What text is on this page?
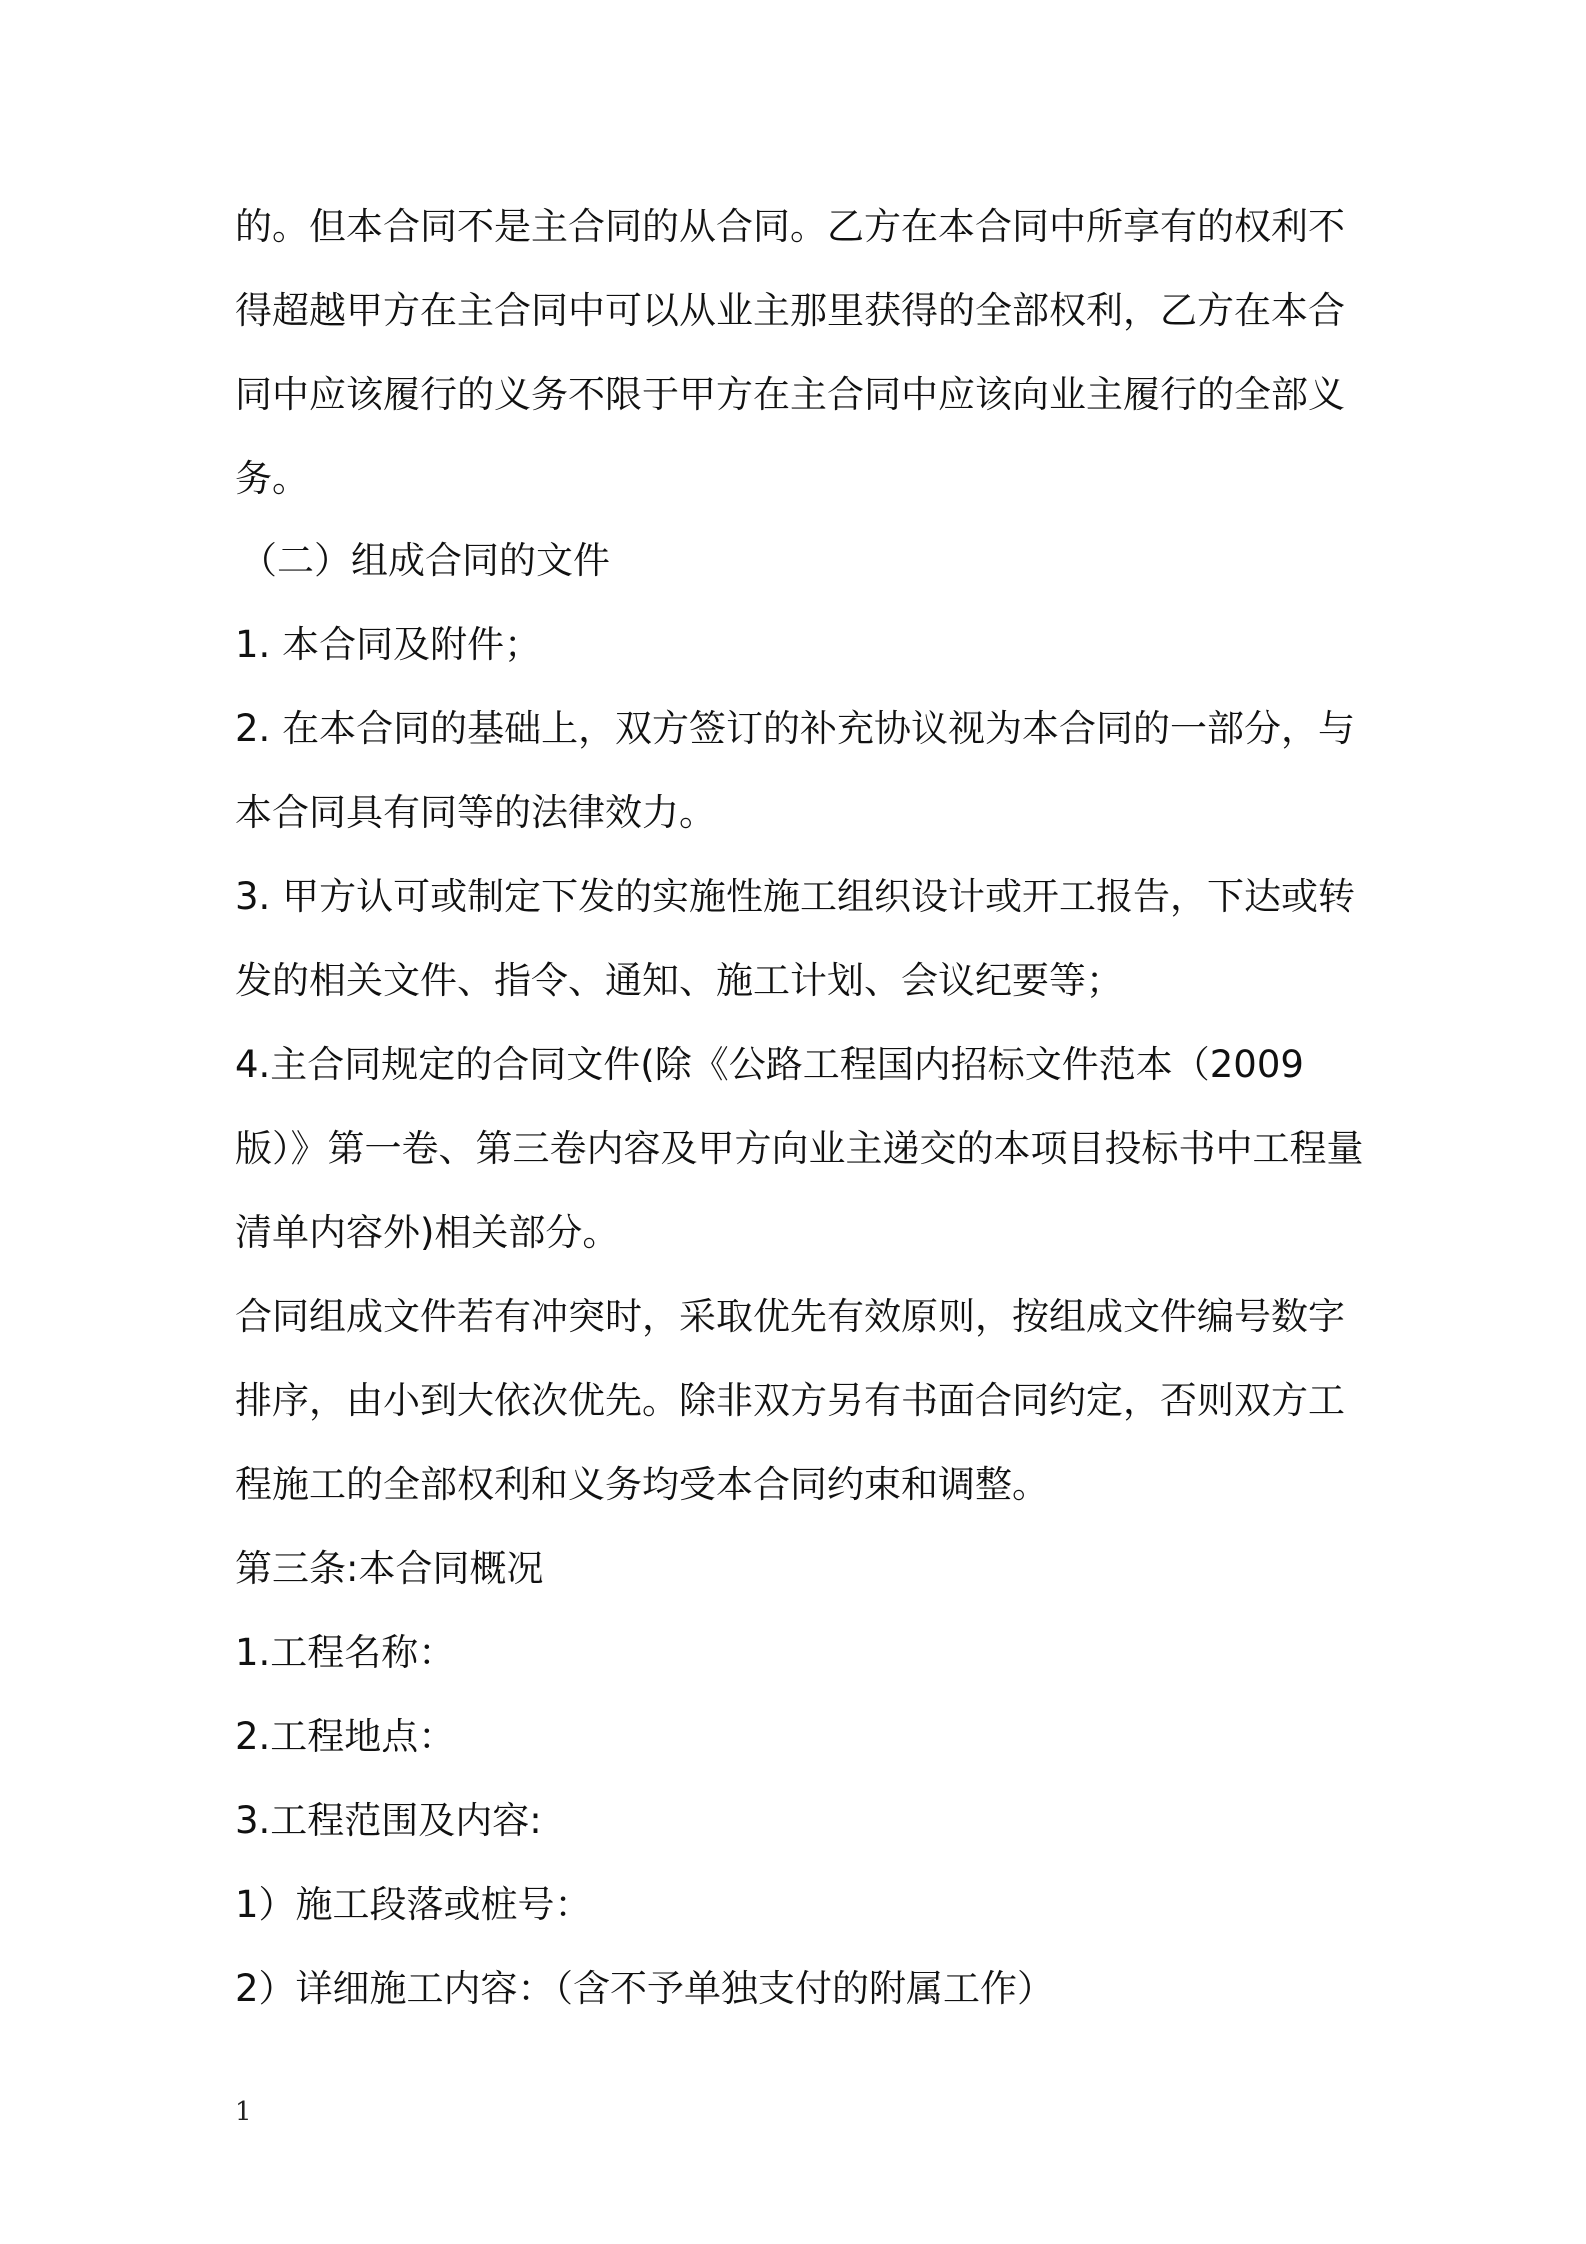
的。但本合同不是主合同的从合同。乙方在本合同中所享有的权利不得超越甲方在主合同中可以从业主那里获得的全部权利，乙方在本合同中应该履行的义务不限于甲方在主合同中应该向业主履行的全部义务。
（二）组成合同的文件
1. 本合同及附件；
2. 在本合同的基础上，双方签订的补充协议视为本合同的一部分，与本合同具有同等的法律效力。
3. 甲方认可或制定下发的实施性施工组织设计或开工报告，下达或转发的相关文件、指令、通知、施工计划、会议纪要等；
4.主合同规定的合同文件(除《公路工程国内招标文件范本（2009版）》第一卷、第三卷内容及甲方向业主递交的本项目投标书中工程量清单内容外)相关部分。
合同组成文件若有冲突时，采取优先有效原则，按组成文件编号数字排序，由小到大依次优先。除非双方另有书面合同约定，否则双方工程施工的全部权利和义务均受本合同约束和调整。
第三条:本合同概况
1.工程名称：
2.工程地点：
3.工程范围及内容:
1）施工段落或桩号：
2）详细施工内容：（含不予单独支付的附属工作）
1
